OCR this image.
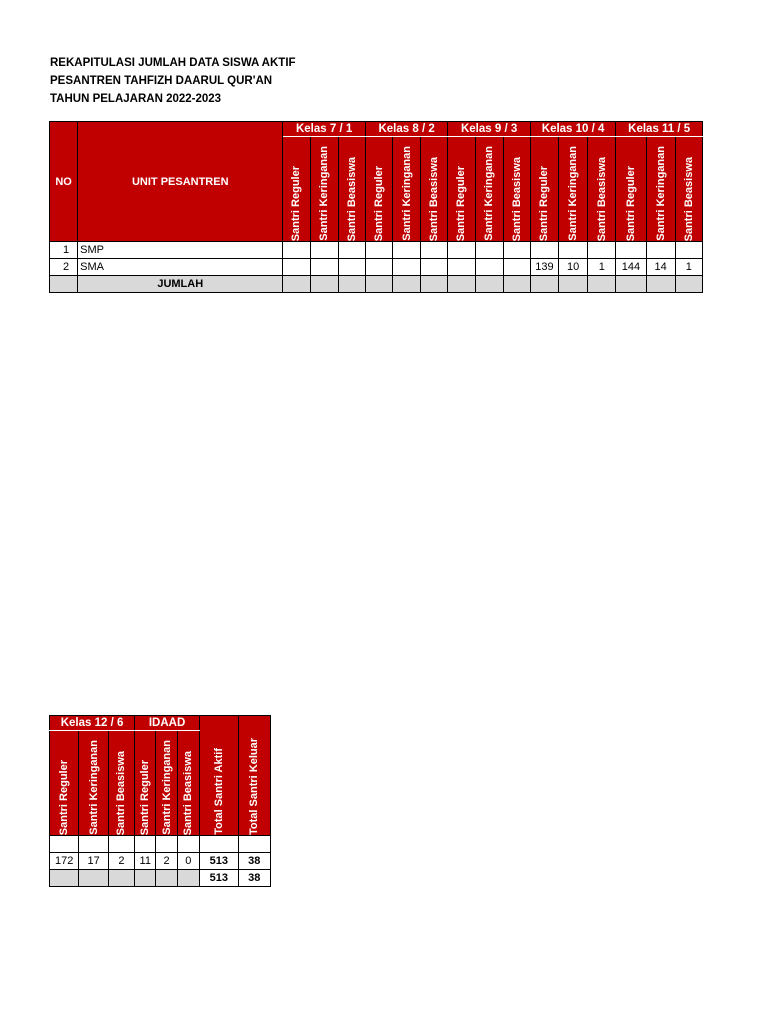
REKAPITULASI JUMLAH DATA SISWA AKTIF
PESANTREN TAHFIZH DAARUL QUR'AN
TAHUN PELAJARAN 2022-2023
NO	UNIT PESANTREN	Kelas 7 / 1			Kelas 8 / 2			Kelas 9 / 3			Kelas 10 / 4			Kelas 11 / 5		

		Santri Reguler	Santri Keringanan	Santri Beasiswa	Santri Reguler	Santri Keringanan	Santri Beasiswa	Santri Reguler	Santri Keringanan	Santri Beasiswa	Santri Reguler	Santri Keringanan	Santri Beasiswa	Santri Reguler	Santri Keringanan	Santri Beasiswa

1	SMP															
2	SMA										139	10	1	144	14	1
	JUMLAH															
Kelas 12 / 6			IDAAD			Total Santri Aktif	Total Santri Keluar

Santri Reguler	Santri Keringanan	Santri Beasiswa	Santri Reguler	Santri Keringanan	Santri Beasiswa		

172	17	2	11	2	0	513	38
						513	38
